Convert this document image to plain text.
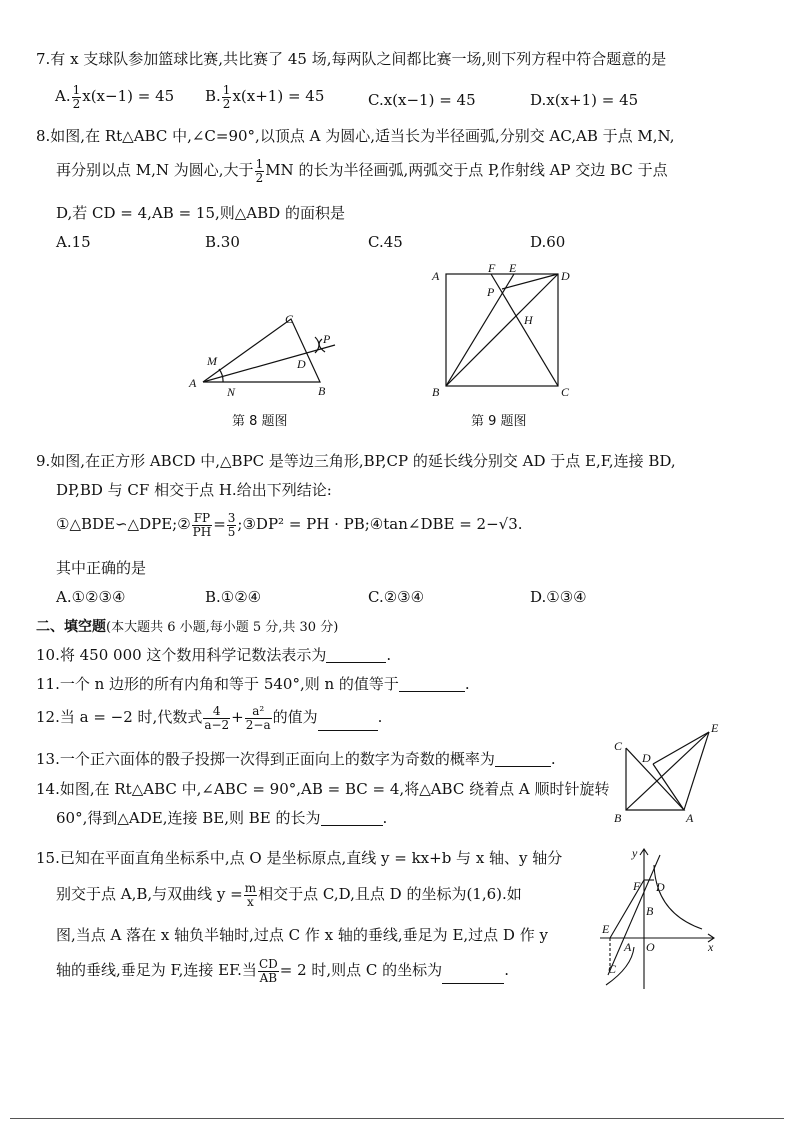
7.有 x 支球队参加篮球比赛,共比赛了 45 场,每两队之间都比赛一场,则下列方程中符合题意的是
A. $\frac{1}{2} x(x-1) = 45$ B. $\frac{1}{2} x(x+1) = 45$	C.x(x−1) = 45	D.x(x+1) = 45
8.如图,在 Rt△ABC 中,∠C=90°,以顶点 A 为圆心,适当长为半径画弧,分别交 AC,AB 于点 M,N,
再分别以点 M,N 为圆心,大于 $\frac{1}{2}$ MN 的长为半径画弧,两弧交于点 P,作射线 AP 交边 BC 于点
D,若 CD = 4,AB = 15,则△ABD 的面积是
A.15	B.30	C.45	D.60
A
B
C
D
M
N
P
第 8 题图
A	D
B	C
F E
P
H
第 9 题图
9.如图,在正方形 ABCD 中,△BPC 是等边三角形,BP,CP 的延长线分别交 AD 于点 E,F,连接 BD,
DP,BD 与 CF 相交于点 H.给出下列结论:
①△BDE∽△DPE;② $\frac{FP}{PH} = \frac{3}{5}$ ;③DP² = PH · PB;④tan∠DBE = 2−√3.
其中正确的是
A.①②③④	B.①②④	C.②③④	D.①③④
二、填空题(本大题共 6 小题,每小题 5 分,共 30 分)
10.将 450 000 这个数用科学记数法表示为	.
11.一个 n 边形的所有内角和等于 540°,则 n 的值等于	.
12.当 a = −2 时,代数式 $\frac{4}{a-2} + \frac{\text{a²}}{2-a}$ 的值为	.
13.一个正六面体的骰子投掷一次得到正面向上的数字为奇数的概率为	.
14.如图,在 Rt△ABC 中,∠ABC = 90°,AB = BC = 4,将△ABC 绕着点 A 顺时针旋转
60°,得到△ADE,连接 BE,则 BE 的长为	.
C
D
E
B	A
15.已知在平面直角坐标系中,点 O 是坐标原点,直线 y = kx+b 与 x 轴、y 轴分
别交于点 A,B,与双曲线 $y = \frac{m}{x}$ 相交于点 C,D,且点 D 的坐标为(1,6).如
图,当点 A 落在 x 轴负半轴时,过点 C 作 x 轴的垂线,垂足为 E,过点 D 作 y
轴的垂线,垂足为 F,连接 EF.当 $\frac{CD}{AB} = 2$ 时,则点 C 的坐标为	.
y
x
O
A
B
D
F
E
C
